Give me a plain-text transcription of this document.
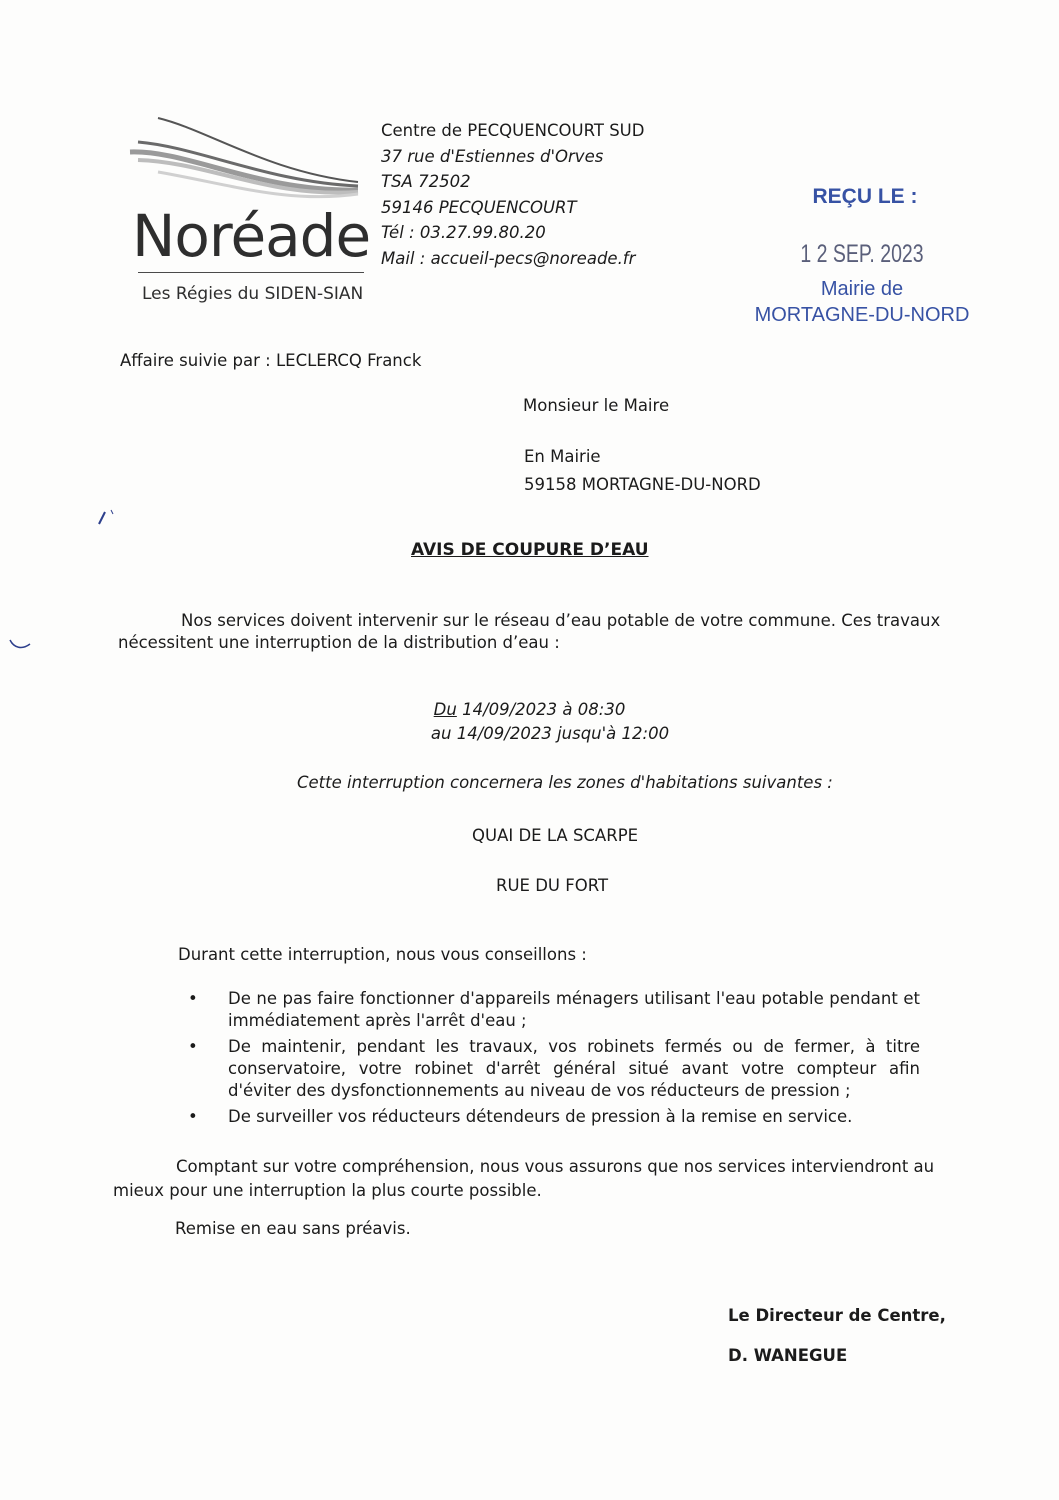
Noréade
Les Régies du SIDEN-SIAN
Centre de PECQUENCOURT SUD
37 rue d'Estiennes d'Orves
TSA 72502
59146 PECQUENCOURT
Tél : 03.27.99.80.20
Mail : accueil-pecs@noreade.fr
REÇU LE :
1 2 SEP. 2023
Mairie de
MORTAGNE-DU-NORD
Affaire suivie par : LECLERCQ Franck
Monsieur le Maire
En Mairie
59158 MORTAGNE-DU-NORD
AVIS DE COUPURE D’EAU
Nos services doivent intervenir sur le réseau d’eau potable de votre commune. Ces travaux
nécessitent une interruption de la distribution d’eau :
Du 14/09/2023 à 08:30
au 14/09/2023 jusqu'à 12:00
Cette interruption concernera les zones d'habitations suivantes :
QUAI DE LA SCARPE
RUE DU FORT
Durant cette interruption, nous vous conseillons :
• De ne pas faire fonctionner d'appareils ménagers utilisant l'eau potable pendant et immédiatement après l'arrêt d'eau ;
• De maintenir, pendant les travaux, vos robinets fermés ou de fermer, à titre conservatoire, votre robinet d'arrêt général situé avant votre compteur afin d'éviter des dysfonctionnements au niveau de vos réducteurs de pression ;
• De surveiller vos réducteurs détendeurs de pression à la remise en service.
Comptant sur votre compréhension, nous vous assurons que nos services interviendront au
mieux pour une interruption la plus courte possible.
Remise en eau sans préavis.
Le Directeur de Centre,
D. WANEGUE
